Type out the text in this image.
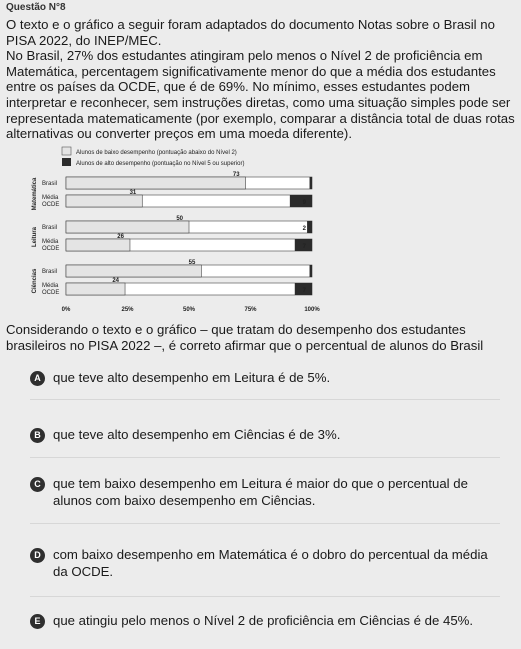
Questão N°8

O texto e o gráfico a seguir foram adaptados do documento Notas sobre o Brasil no PISA 2022, do INEP/MEC.

No Brasil, 27% dos estudantes atingiram pelo menos o Nível 2 de proficiência em Matemática, percentagem significativamente menor do que a média dos estudantes entre os países da OCDE, que é de 69%. No mínimo, esses estudantes podem interpretar e reconhecer, sem instruções diretas, como uma situação simples pode ser representada matematicamente (por exemplo, comparar a distância total de duas rotas alternativas ou converter preços em uma moeda diferente).

Alunos de baixo desempenho (pontuação abaixo do Nível 2)
Alunos de alto desempenho (pontuação no Nível 5 ou superior)
Matemática Brasil
73
Média
OCDE
31
9
Leitura Brasil
50
2
Média
OCDE
26
7
Ciências Brasil
55
Média
OCDE
24
7
0%	25%	50%	75%	100%
Considerando o texto e o gráfico – que tratam do desempenho dos estudantes brasileiros no PISA 2022 –, é correto afirmar que o percentual de alunos do Brasil
A que teve alto desempenho em Leitura é de 5%.
B que teve alto desempenho em Ciências é de 3%.
C que tem baixo desempenho em Leitura é maior do que o percentual de alunos com baixo desempenho em Ciências.
D com baixo desempenho em Matemática é o dobro do percentual da média da OCDE.
E que atingiu pelo menos o Nível 2 de proficiência em Ciências é de 45%.
